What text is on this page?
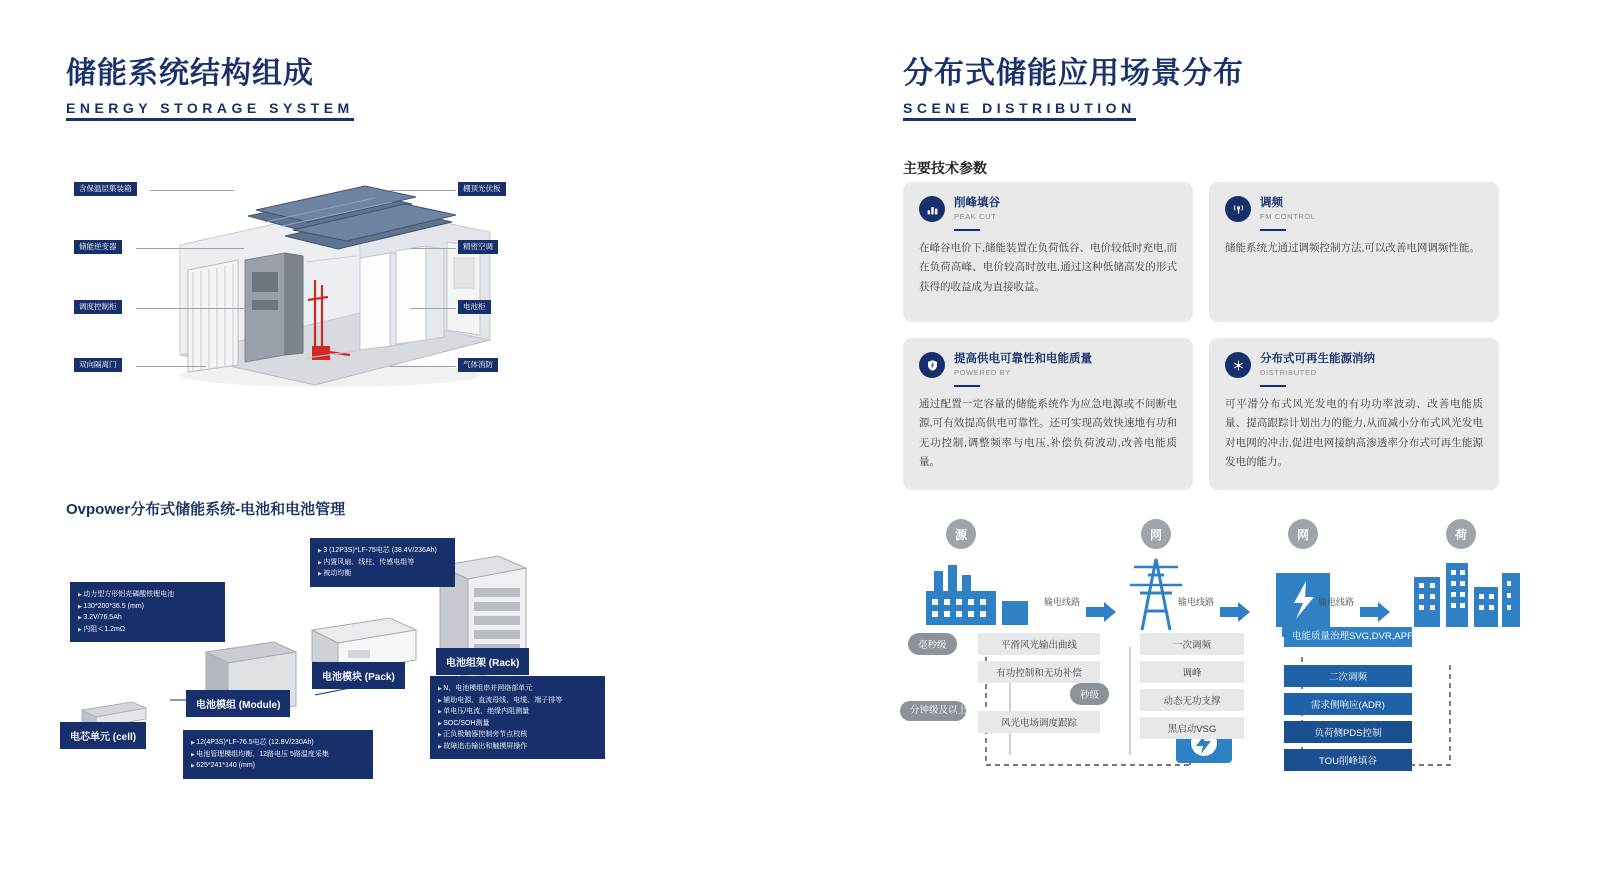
储能系统结构组成
ENERGY STORAGE SYSTEM
含保温层集装箱
储能逆变器
调度控制柜
双向隔离门
棚顶光伏板
精密空调
电池柜
气体消防
Ovpower分布式储能系统-电池和电池管理
电芯单元 (cell)
电池模组 (Module)
电池模块 (Pack)
电池组架 (Rack)
▶ 动力型方形铝壳磷酸铁锂电池
▶ 130*200*36.5 (mm)
▶ 3.2V/76.5Ah
▶ 内阻＜1.2mΩ
▶ 12(4P3S)*LF-76.5电芯 (12.8V/230Ah)
▶ 电池管理模组均衡、12路电压 5路温度采集
▶ 625*241*140 (mm)
▶ 3 (12P3S)*LF-75电芯 (38.4V/236Ah)
▶ 内置风扇、线柱、传感电组等
▶ 被动均衡
▶ N、电池模组串并网络部单元
▶ 辅助电源、直流母线、电缆、端子排等
▶ 单电压/电流、绝缘内阻测量
▶ SOC/SOH测量
▶ 正负极触器控制旁节点校核
▶ 故障追击输出和触摸屏操作
分布式储能应用场景分布
SCENE DISTRIBUTION
主要技术参数
削峰填谷
PEAK CUT
在峰谷电价下,储能装置在负荷低谷、电价较低时充电,而在负荷高峰、电价较高时放电,通过这种低储高发的形式获得的收益成为直接收益。
调频
FM CONTROL
储能系统尤通过调频控制方法,可以改善电网调频性能。
提高供电可靠性和电能质量
POWERED BY
通过配置一定容量的储能系统作为应急电源或不间断电源,可有效提高供电可靠性。还可实现高效快速地有功和无功控制,调整频率与电压,补偿负荷波动,改善电能质量。
分布式可再生能源消纳
DISTRIBUTED
可平滑分布式风光发电的有功功率波动、改善电能质量、提高跟踪计划出力的能力,从而减小分布式风光发电对电网的冲击,促进电网接纳高渗透率分布式可再生能源发电的能力。
源	网	网	荷
输电线路	输电线路	输电线路
毫秒级
秒级
分钟级及以上
平滑风光输出曲线
有功控制和无功补偿
风光电场调度跟踪
一次调频
调峰
动态无功支撑
黑启动VSG
电能质量治理SVG,DVR,APF
二次调频
需求侧响应(ADR)
负荷侧PDS控制
TOU削峰填谷
